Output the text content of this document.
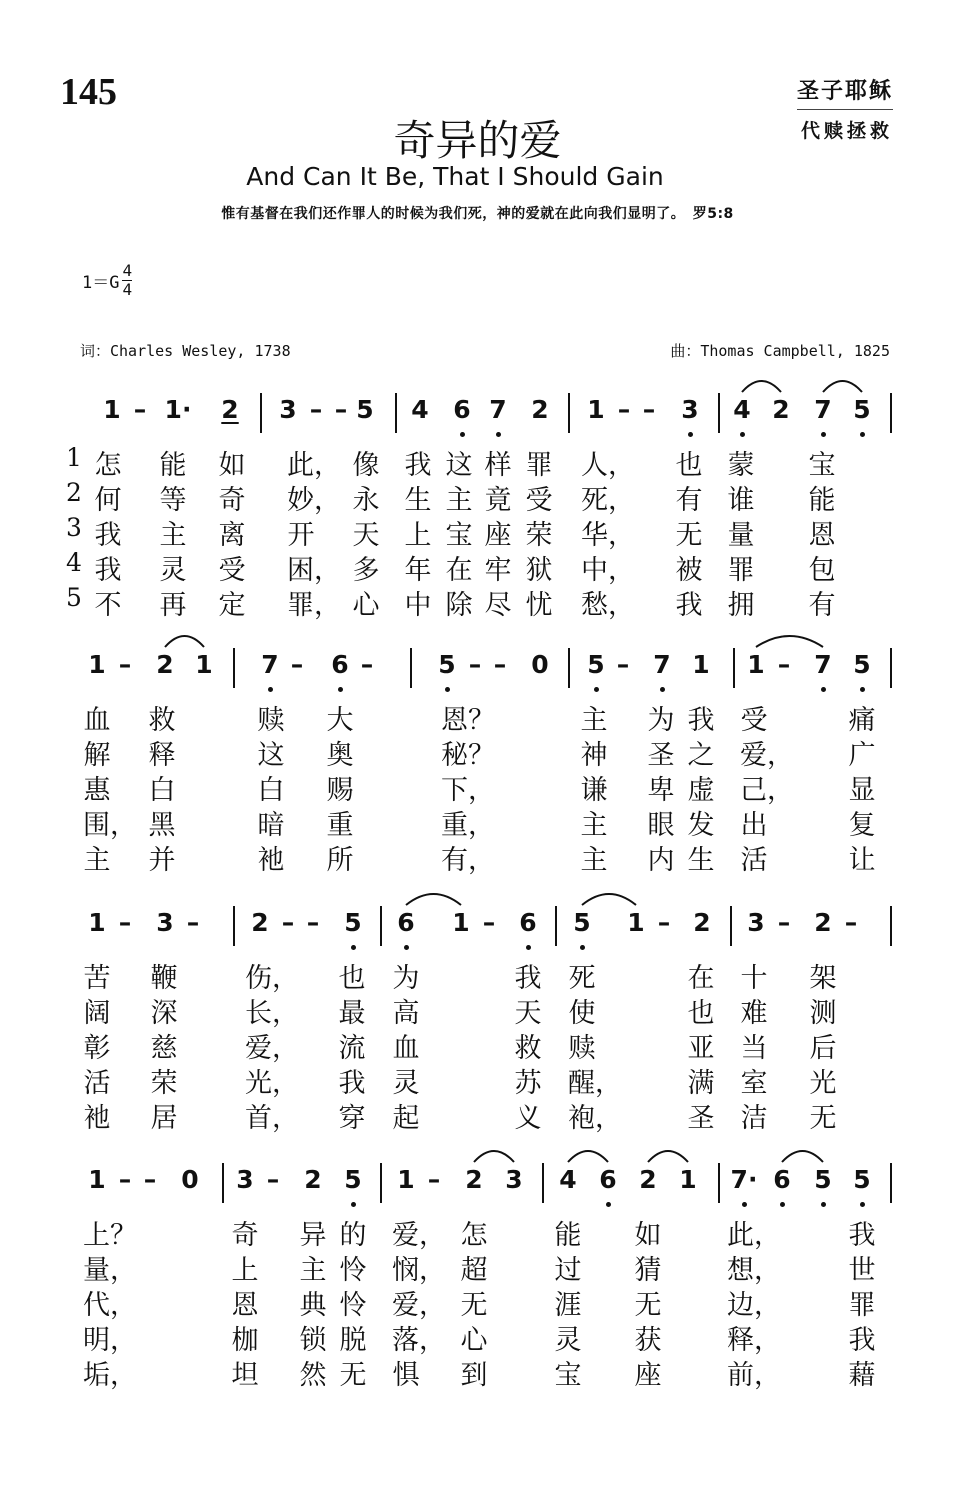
145	圣子耶稣
代赎拯救
奇异的爱
And Can It Be, That I Should Gain
惟有基督在我们还作罪人的时候为我们死，神的爱就在此向我们显明了。　罗5:8
$1=G \frac{4}{4}$
词：Charles Wesley, 1738	曲：Thomas Campbell, 1825
1 – 1· 2 3 – – 5 4 6 7 2 1 – – 3 4 2 7 5
1 怎 能 如 此， 像 我 这 样 罪 人， 也 蒙 宝
2 何 等 奇 妙， 永 生 主 竟 受 死， 有 谁 能
3 我 主 离 开 天 上 宝 座 荣 华， 无 量 恩
4 我 灵 受 困， 多 年 在 牢 狱 中， 被 罪 包
5 不 再 定 罪， 心 中 除 尽 忧 愁， 我 拥 有
1 – 2 1 7 – 6 –	5 – – 0 5 – 7 1 1 – 7 5
血 救	赎 大	恩？	主 为 我 受	痛
解 释	这 奥	秘？	神 圣 之 爱， 广
惠 白	白 赐	下，	谦 卑 虚 己， 显
围， 黑	暗 重	重，	主 眼 发 出	复
主 并	衪 所	有，	主 内 生 活	让
1 – 3 – 2 – – 5 6 1 – 6 5 1 – 2 3 – 2 –
苦 鞭	伤， 也 为	我 死	在 十 架
阔 深	长， 最 高	天 使	也 难 测
彰 慈	爱， 流 血	救 赎	亚 当 后
活 荣	光， 我 灵	苏 醒， 满 室 光
衪 居	首， 穿 起	义 袍， 圣 洁 无
1 – – 0 3 – 2 5 1 – 2 3 4 6 2 1 7· 6 5 5
上？	奇 异 的 爱， 怎 能 如 此，	我
量，	上 主 怜 悯， 超 过 猜 想，	世
代，	恩 典 怜 爱， 无 涯 无 边，	罪
明，	枷 锁 脱 落， 心 灵 获 释，	我
垢，	坦 然 无 惧 到 宝 座 前，	藉
